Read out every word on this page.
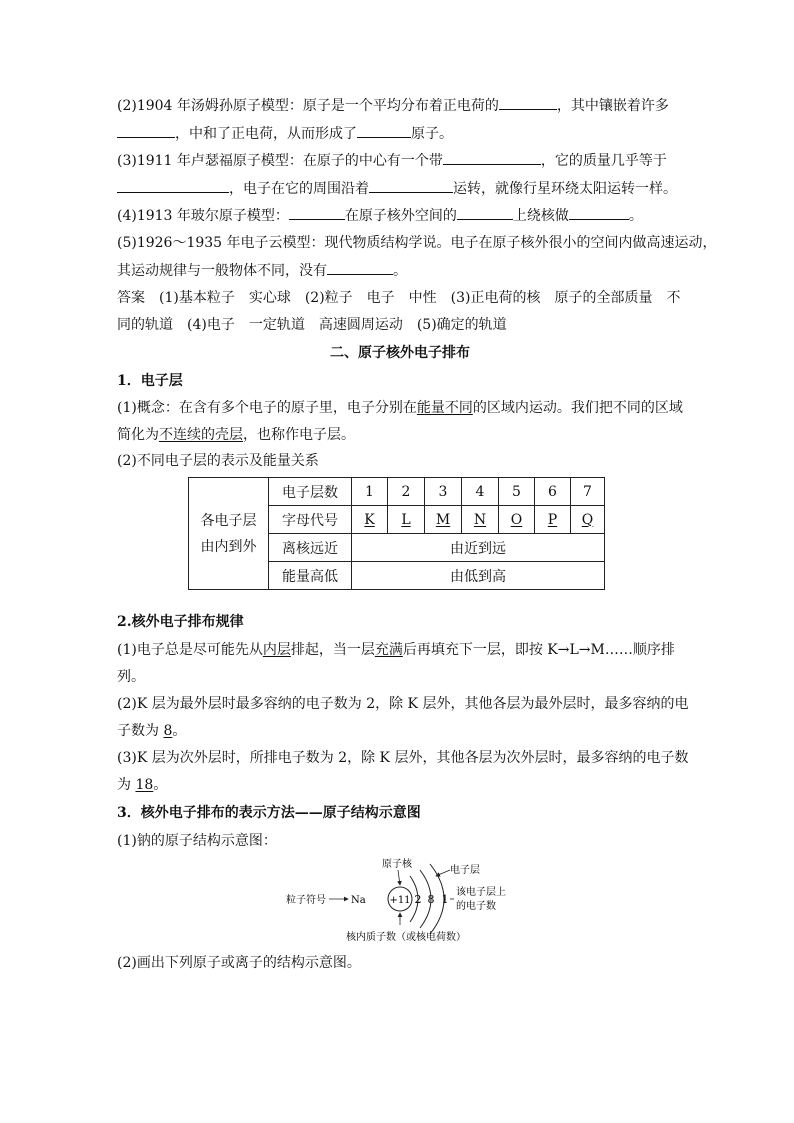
(2)1904 年汤姆孙原子模型：原子是一个平均分布着正电荷的	，其中镶嵌着许多
，中和了正电荷，从而形成了	原子。
(3)1911 年卢瑟福原子模型：在原子的中心有一个带	，它的质量几乎等于
，电子在它的周围沿着	运转，就像行星环绕太阳运转一样。
(4)1913 年玻尔原子模型：	在原子核外空间的	上绕核做	。
(5)1926～1935 年电子云模型：现代物质结构学说。电子在原子核外很小的空间内做高速运动，
其运动规律与一般物体不同，没有	。
答案　(1)基本粒子　实心球　(2)粒子　电子　中性　(3)正电荷的核　原子的全部质量　不
同的轨道　(4)电子　一定轨道　高速圆周运动　(5)确定的轨道
二、原子核外电子排布
1．电子层
(1)概念：在含有多个电子的原子里，电子分别在能量不同的区域内运动。我们把不同的区域
简化为不连续的壳层，也称作电子层。
(2)不同电子层的表示及能量关系
各电子层
由内到外	电子层数	1	2	3	4	5	6	7
	字母代号	K	L	M	N	O	P	Q
	离核远近	由近到远						
	能量高低	由低到高						
2.核外电子排布规律
(1)电子总是尽可能先从内层排起，当一层充满后再填充下一层，即按 K→L→M……顺序排
列。
(2)K 层为最外层时最多容纳的电子数为 2，除 K 层外，其他各层为最外层时，最多容纳的电
子数为 8。
(3)K 层为次外层时，所排电子数为 2，除 K 层外，其他各层为次外层时，最多容纳的电子数
为 18。
3．核外电子排布的表示方法——原子结构示意图
(1)钠的原子结构示意图：
+11 2 8 1
原子核
电子层
粒子符号	Na
该电子层上
的电子数
核内质子数（或核电荷数）
(2)画出下列原子或离子的结构示意图。
